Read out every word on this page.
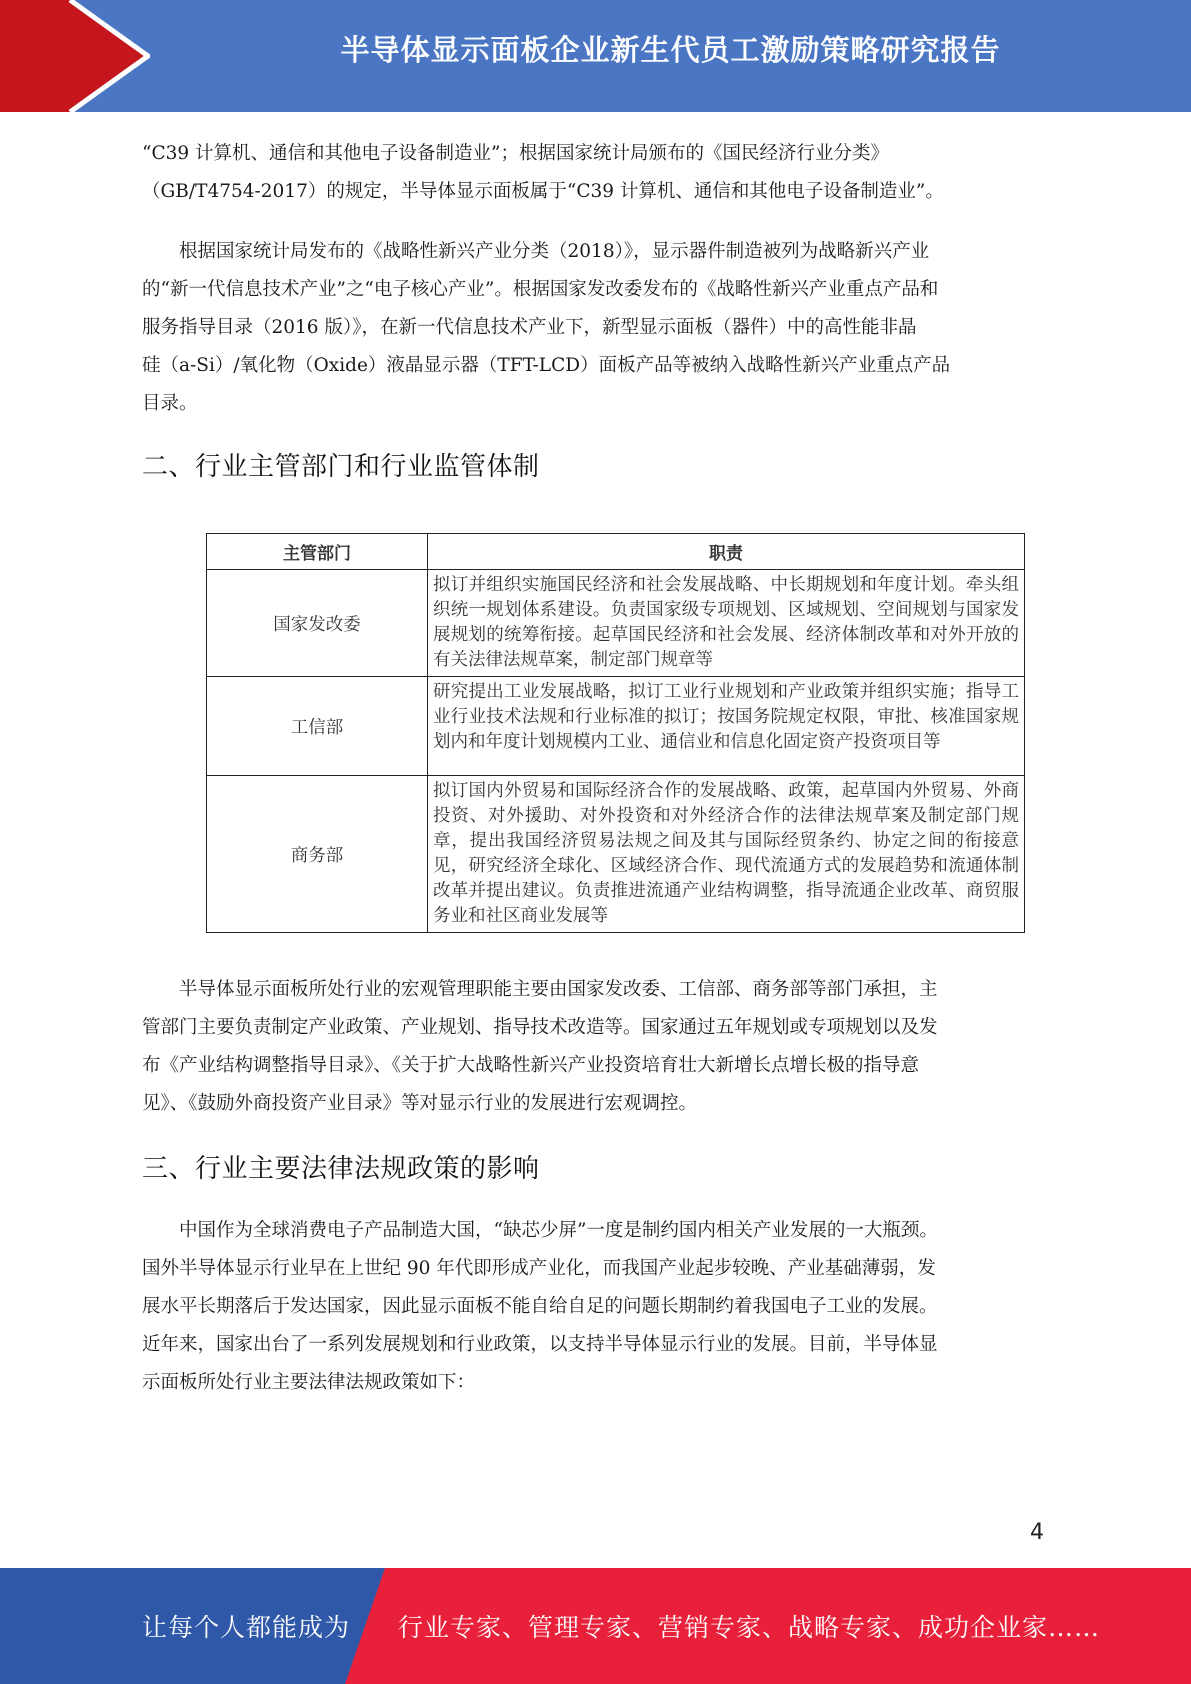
半导体显示面板企业新生代员工激励策略研究报告
“C39 计算机、通信和其他电子设备制造业”；根据国家统计局颁布的《国民经济行业分类》
（GB/T4754-2017）的规定，半导体显示面板属于“C39 计算机、通信和其他电子设备制造业”。
根据国家统计局发布的《战略性新兴产业分类（2018）》，显示器件制造被列为战略新兴产业
的“新一代信息技术产业”之“电子核心产业”。根据国家发改委发布的《战略性新兴产业重点产品和
服务指导目录（2016 版）》，在新一代信息技术产业下，新型显示面板（器件）中的高性能非晶
硅（a-Si）/氧化物（Oxide）液晶显示器（TFT-LCD）面板产品等被纳入战略性新兴产业重点产品
目录。
二、行业主管部门和行业监管体制
主管部门	职责
国家发改委	拟订并组织实施国民经济和社会发展战略、中长期规划和年度计划。牵头组织统一规划体系建设。负责国家级专项规划、区域规划、空间规划与国家发展规划的统筹衔接。起草国民经济和社会发展、经济体制改革和对外开放的有关法律法规草案，制定部门规章等
工信部	研究提出工业发展战略，拟订工业行业规划和产业政策并组织实施；指导工业行业技术法规和行业标准的拟订；按国务院规定权限，审批、核准国家规划内和年度计划规模内工业、通信业和信息化固定资产投资项目等
商务部	拟订国内外贸易和国际经济合作的发展战略、政策，起草国内外贸易、外商投资、对外援助、对外投资和对外经济合作的法律法规草案及制定部门规章，提出我国经济贸易法规之间及其与国际经贸条约、协定之间的衔接意见，研究经济全球化、区域经济合作、现代流通方式的发展趋势和流通体制改革并提出建议。负责推进流通产业结构调整，指导流通企业改革、商贸服务业和社区商业发展等
半导体显示面板所处行业的宏观管理职能主要由国家发改委、工信部、商务部等部门承担，主
管部门主要负责制定产业政策、产业规划、指导技术改造等。国家通过五年规划或专项规划以及发
布《产业结构调整指导目录》、《关于扩大战略性新兴产业投资培育壮大新增长点增长极的指导意
见》、《鼓励外商投资产业目录》等对显示行业的发展进行宏观调控。
三、行业主要法律法规政策的影响
中国作为全球消费电子产品制造大国，“缺芯少屏”一度是制约国内相关产业发展的一大瓶颈。
国外半导体显示行业早在上世纪 90 年代即形成产业化，而我国产业起步较晚、产业基础薄弱，发
展水平长期落后于发达国家，因此显示面板不能自给自足的问题长期制约着我国电子工业的发展。
近年来，国家出台了一系列发展规划和行业政策，以支持半导体显示行业的发展。目前，半导体显
示面板所处行业主要法律法规政策如下：
4
让每个人都能成为 行业专家、管理专家、营销专家、战略专家、成功企业家……
